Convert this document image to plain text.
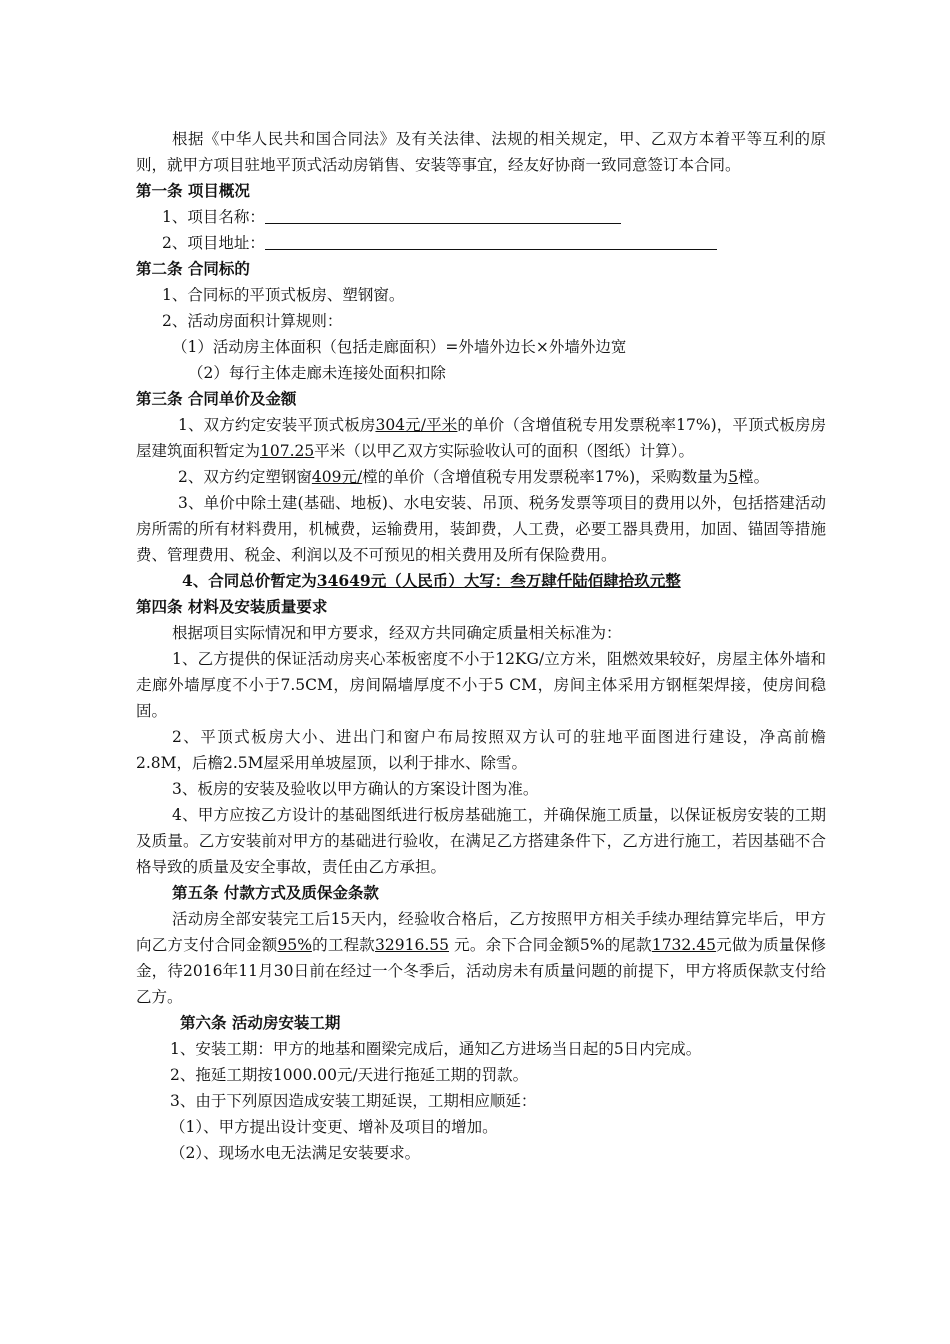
根据《中华人民共和国合同法》及有关法律、法规的相关规定，甲、乙双方本着平等互利的原则，就甲方项目驻地平顶式活动房销售、安装等事宜，经友好协商一致同意签订本合同。

第一条 项目概况

1、项目名称：

2、项目地址：

第二条 合同标的

1、合同标的平顶式板房、塑钢窗。

2、活动房面积计算规则：

（1）活动房主体面积（包括走廊面积）=外墙外边长×外墙外边宽

（2）每行主体走廊未连接处面积扣除

第三条 合同单价及金额

1、双方约定安装平顶式板房304元/平米的单价（含增值税专用发票税率17%)，平顶式板房房屋建筑面积暂定为107.25平米（以甲乙双方实际验收认可的面积（图纸）计算）。

2、双方约定塑钢窗409元/樘的单价（含增值税专用发票税率17%)，采购数量为5樘。

3、单价中除土建(基础、地板)、水电安装、吊顶、税务发票等项目的费用以外，包括搭建活动房所需的所有材料费用，机械费，运输费用，装卸费，人工费，必要工器具费用，加固、锚固等措施费、管理费用、税金、利润以及不可预见的相关费用及所有保险费用。

4、合同总价暂定为34649元（人民币）大写：叁万肆仟陆佰肆拾玖元整

第四条 材料及安装质量要求

根据项目实际情况和甲方要求，经双方共同确定质量相关标准为：

1、乙方提供的保证活动房夹心苯板密度不小于12KG/立方米，阻燃效果较好，房屋主体外墙和走廊外墙厚度不小于7.5CM，房间隔墙厚度不小于5 CM，房间主体采用方钢框架焊接，使房间稳固。

2、平顶式板房大小、进出门和窗户布局按照双方认可的驻地平面图进行建设，净高前檐2.8M，后檐2.5M屋采用单坡屋顶，以利于排水、除雪。

3、板房的安装及验收以甲方确认的方案设计图为准。

4、甲方应按乙方设计的基础图纸进行板房基础施工，并确保施工质量，以保证板房安装的工期及质量。乙方安装前对甲方的基础进行验收，在满足乙方搭建条件下，乙方进行施工，若因基础不合格导致的质量及安全事故，责任由乙方承担。

第五条 付款方式及质保金条款

活动房全部安装完工后15天内，经验收合格后，乙方按照甲方相关手续办理结算完毕后，甲方向乙方支付合同金额95%的工程款32916.55 元。余下合同金额5%的尾款1732.45元做为质量保修金，待2016年11月30日前在经过一个冬季后，活动房未有质量问题的前提下，甲方将质保款支付给乙方。

第六条 活动房安装工期

1、安装工期：甲方的地基和圈梁完成后，通知乙方进场当日起的5日内完成。

2、拖延工期按1000.00元/天进行拖延工期的罚款。

3、由于下列原因造成安装工期延误，工期相应顺延：

（1）、甲方提出设计变更、增补及项目的增加。

（2）、现场水电无法满足安装要求。
